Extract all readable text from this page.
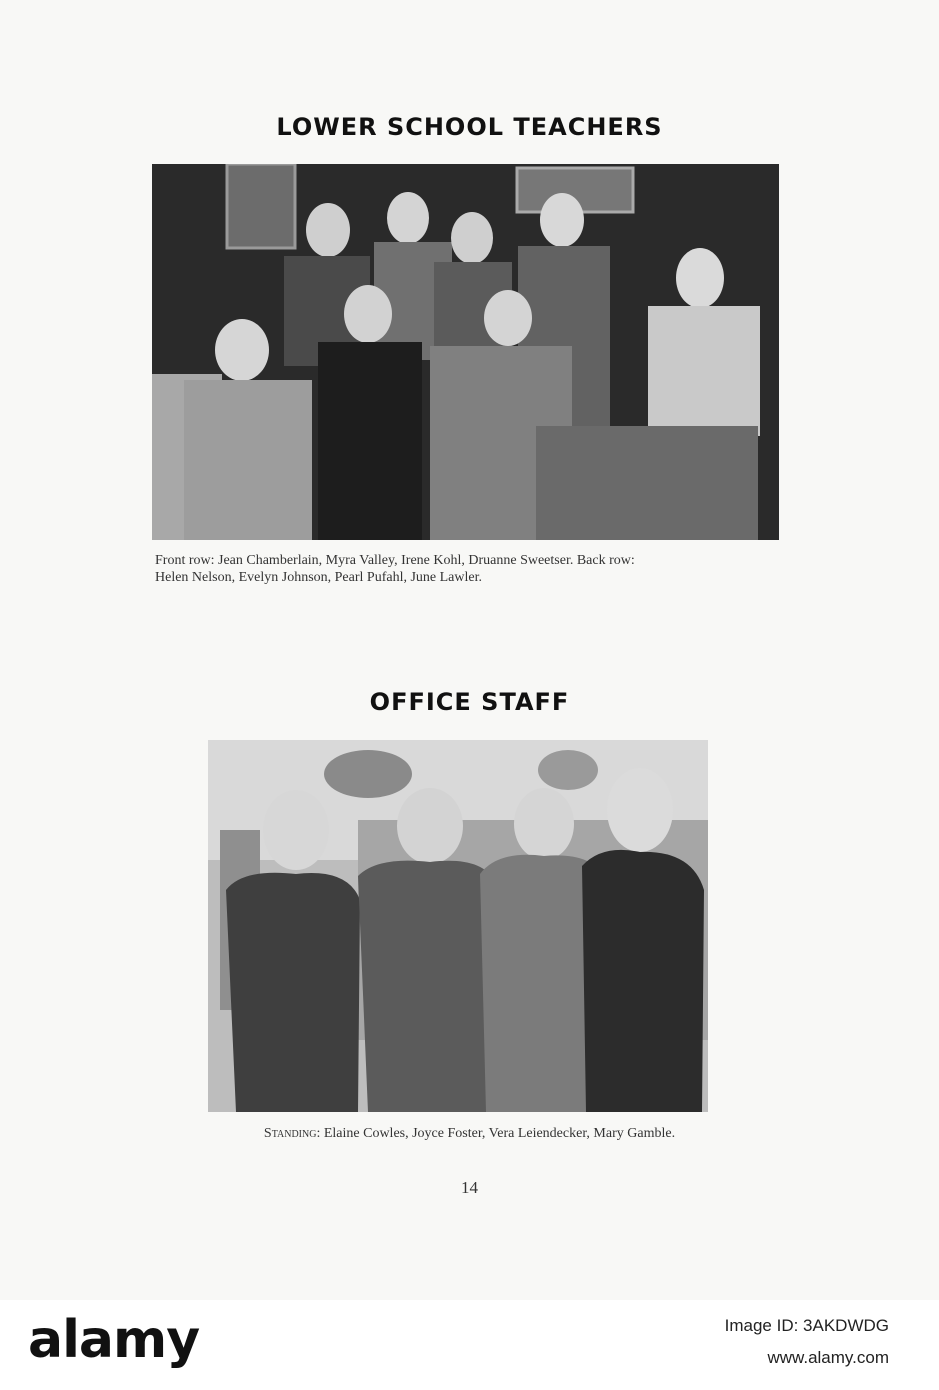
LOWER SCHOOL TEACHERS
Front row: Jean Chamberlain, Myra Valley, Irene Kohl, Druanne Sweetser. Back row:
Helen Nelson, Evelyn Johnson, Pearl Pufahl, June Lawler.
OFFICE STAFF
Standing: Elaine Cowles, Joyce Foster, Vera Leiendecker, Mary Gamble.
14
alamy	Image ID: 3AKDWDG
www.alamy.com
